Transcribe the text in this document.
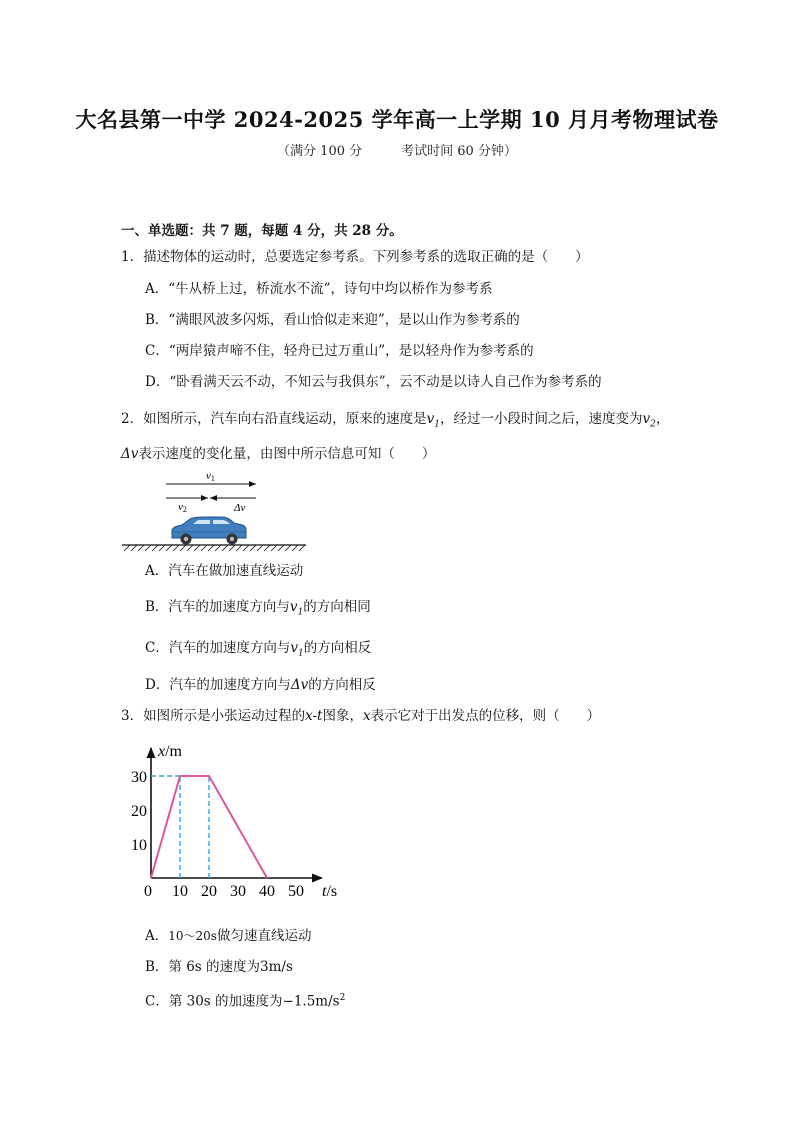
大名县第一中学 2024-2025 学年高一上学期 10 月月考物理试卷
（满分 100 分　　　	考试时间 60 分钟）
一、单选题：共 7 题，每题 4 分，共 28 分。
1．描述物体的运动时，总要选定参考系。下列参考系的选取正确的是（　　）
A．“牛从桥上过，桥流水不流”，诗句中均以桥作为参考系
B．“满眼风波多闪烁，看山恰似走来迎”，是以山作为参考系的
C．“两岸猿声啼不住，轻舟已过万重山”，是以轻舟作为参考系的
D．“卧看满天云不动，不知云与我俱东”，云不动是以诗人自己作为参考系的
2．如图所示，汽车向右沿直线运动，原来的速度是$v_1$，经过一小段时间之后，速度变为$v_2$，
Δv表示速度的变化量，由图中所示信息可知（　　）
v1
v2	Δv
A．汽车在做加速直线运动
B．汽车的加速度方向与$v_1$的方向相同
C．汽车的加速度方向与$v_1$的方向相反
D．汽车的加速度方向与Δv的方向相反
3．如图所示是小张运动过程的x-t图象，x表示它对于出发点的位移，则（　　）
x/m
t/s
0 10 20 30 40 50
10
20
30
A．10～20s做匀速直线运动
B．第 6s 的速度为3m/s
C．第 30s 的加速度为$-1.5m/s^2$
